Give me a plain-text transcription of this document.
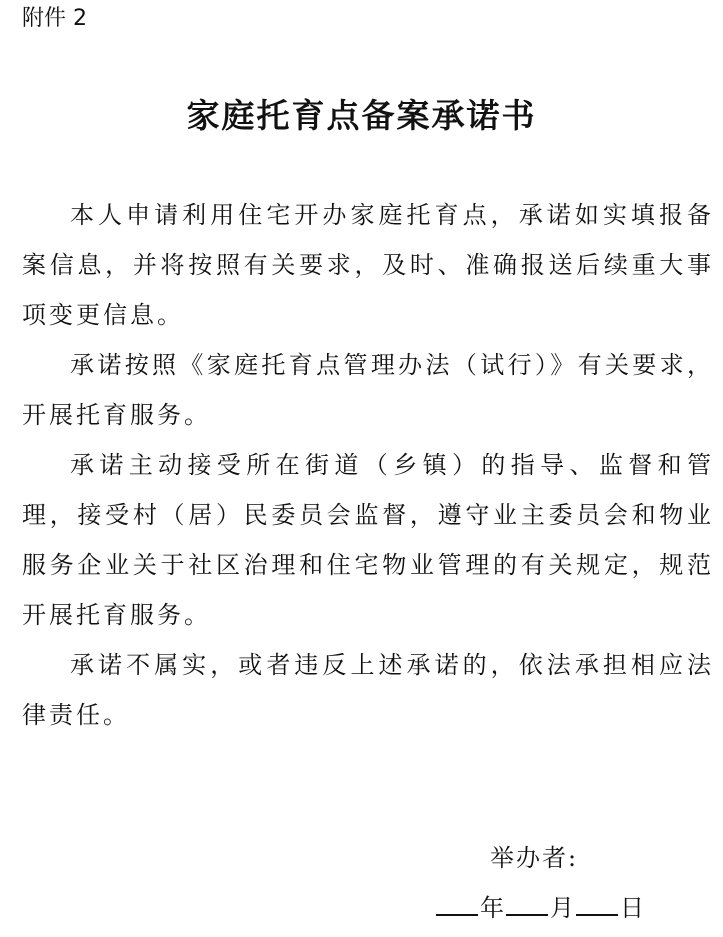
附件 2
家庭托育点备案承诺书

本人申请利用住宅开办家庭托育点，承诺如实填报备案信息，并将按照有关要求，及时、准确报送后续重大事项变更信息。

承诺按照《家庭托育点管理办法（试行）》有关要求，开展托育服务。

承诺主动接受所在街道（乡镇）的指导、监督和管理，接受村（居）民委员会监督，遵守业主委员会和物业服务企业关于社区治理和住宅物业管理的有关规定，规范开展托育服务。

承诺不属实，或者违反上述承诺的，依法承担相应法律责任。

举办者:
年 月 日
